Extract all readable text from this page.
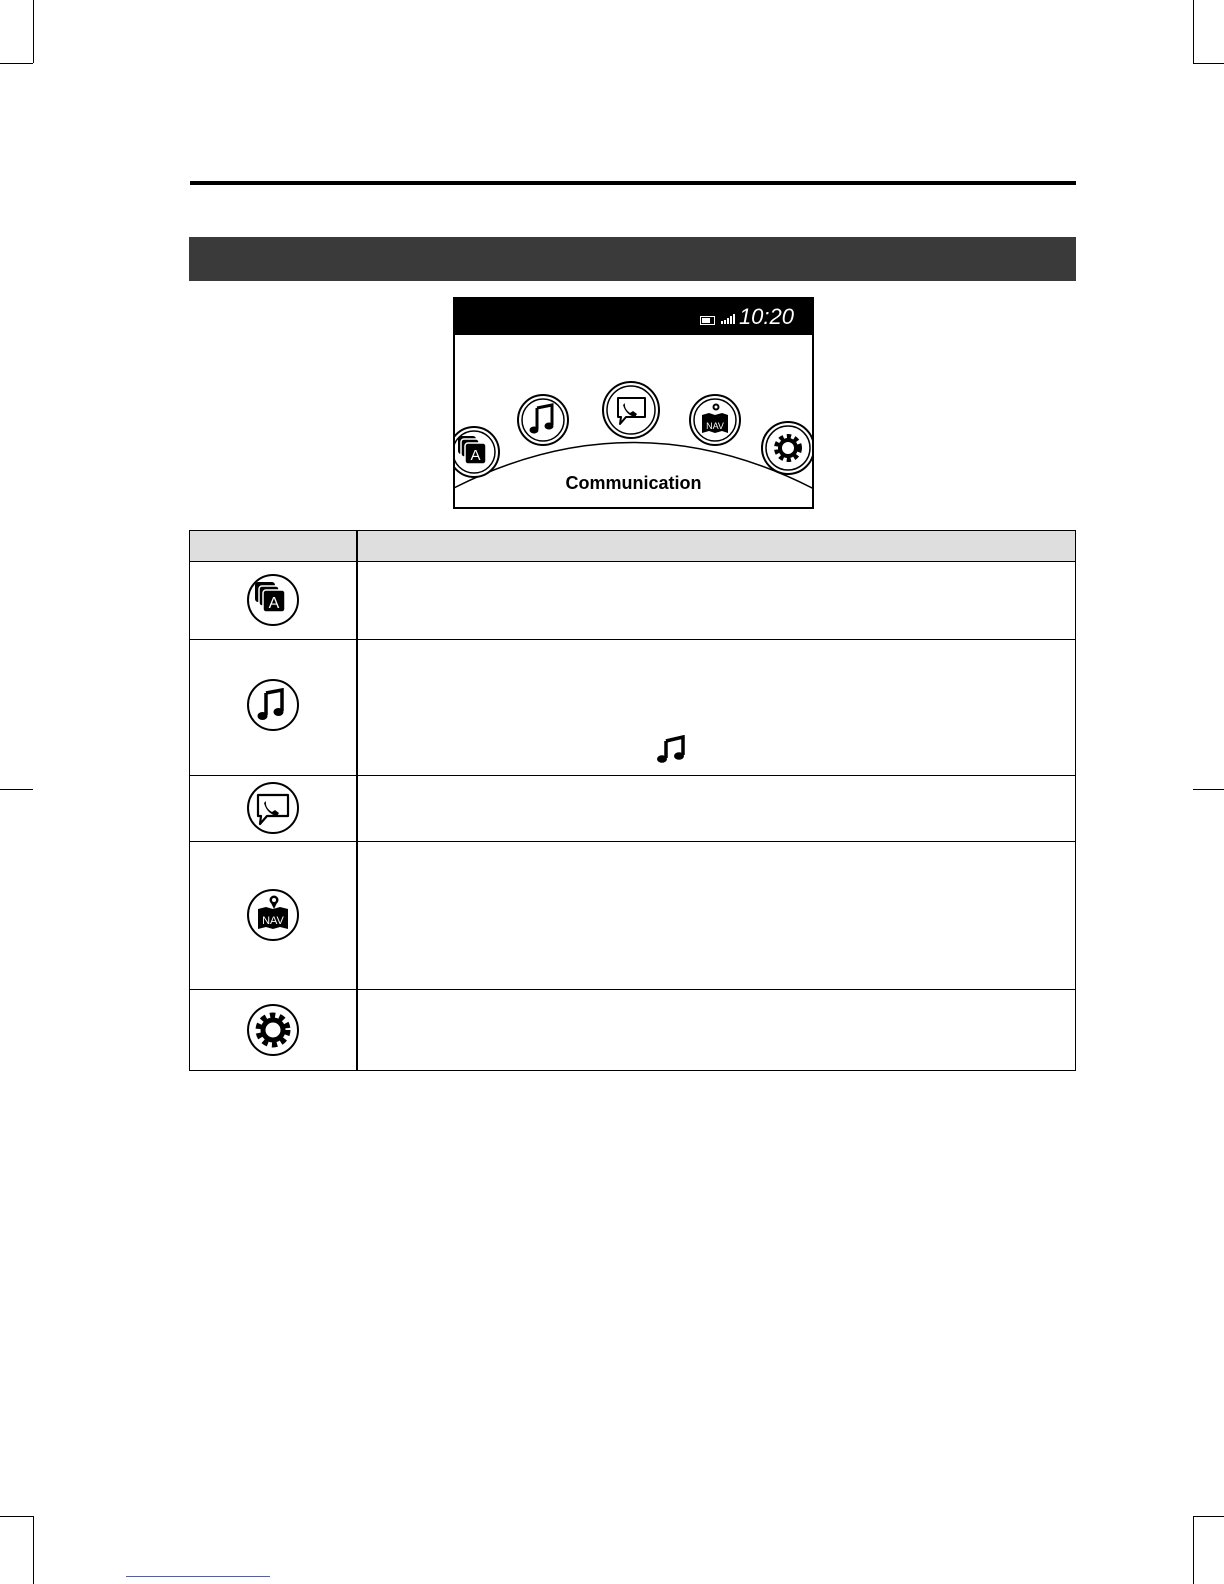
10:20
A
NAV
Communication
A
NAV
